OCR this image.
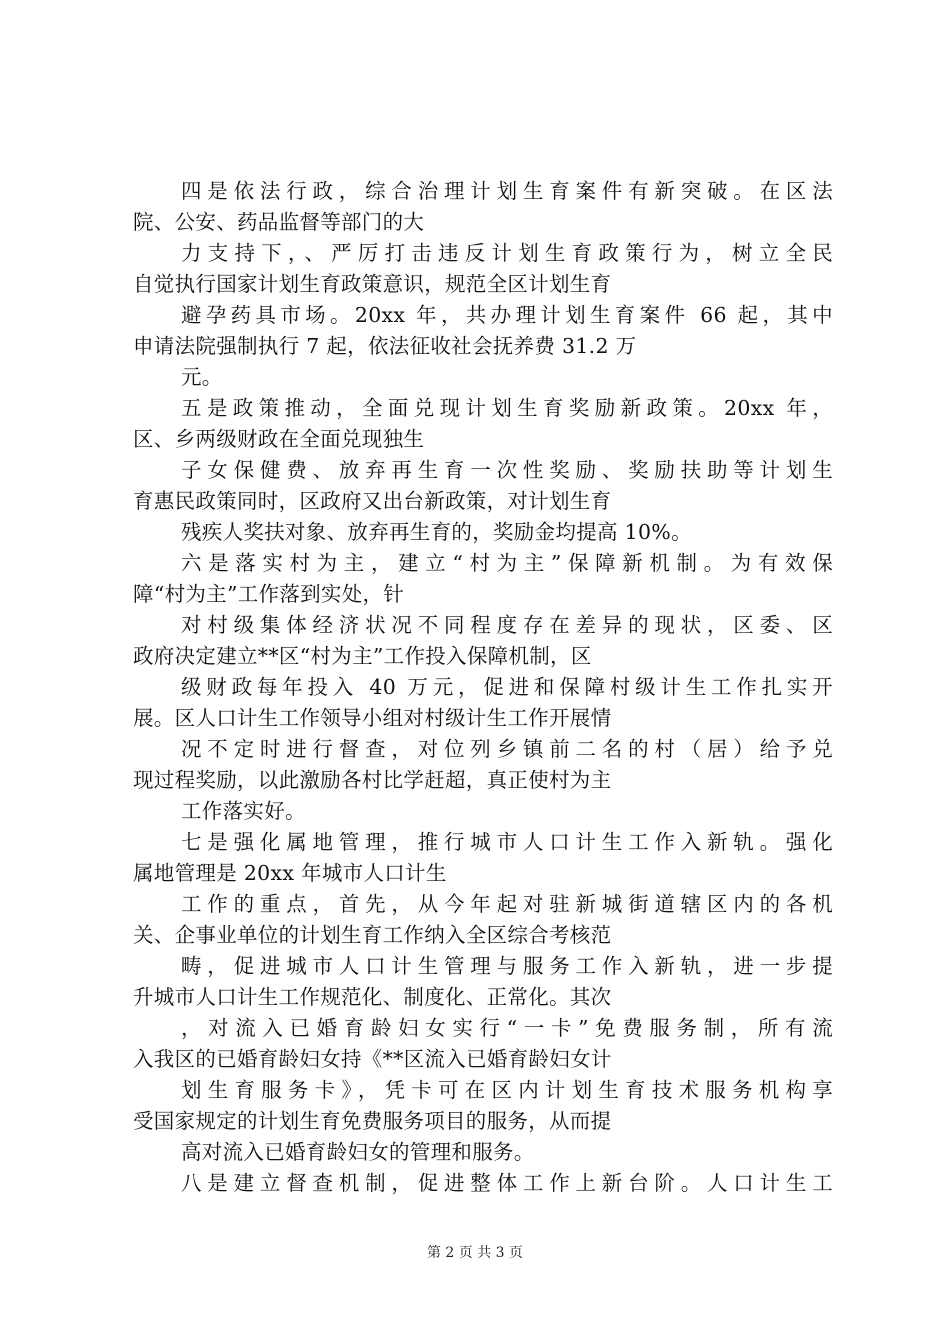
四是依法行政，综合治理计划生育案件有新突破。在区法
院、公安、药品监督等部门的大
力支持下，、严厉打击违反计划生育政策行为，树立全民
自觉执行国家计划生育政策意识，规范全区计划生育
避孕药具市场。20xx 年，共办理计划生育案件 66 起，其中
申请法院强制执行 7 起，依法征收社会抚养费 31.2 万
元。
五是政策推动，全面兑现计划生育奖励新政策。20xx 年，
区、乡两级财政在全面兑现独生
子女保健费、放弃再生育一次性奖励、奖励扶助等计划生
育惠民政策同时，区政府又出台新政策，对计划生育
残疾人奖扶对象、放弃再生育的，奖励金均提高 10%。
六是落实村为主，建立“村为主”保障新机制。为有效保
障“村为主”工作落到实处，针
对村级集体经济状况不同程度存在差异的现状，区委、区
政府决定建立**区“村为主”工作投入保障机制，区
级财政每年投入 40 万元，促进和保障村级计生工作扎实开
展。区人口计生工作领导小组对村级计生工作开展情
况不定时进行督查，对位列乡镇前二名的村（居）给予兑
现过程奖励，以此激励各村比学赶超，真正使村为主
工作落实好。
七是强化属地管理，推行城市人口计生工作入新轨。强化
属地管理是 20xx 年城市人口计生
工作的重点，首先，从今年起对驻新城街道辖区内的各机
关、企事业单位的计划生育工作纳入全区综合考核范
畴，促进城市人口计生管理与服务工作入新轨，进一步提
升城市人口计生工作规范化、制度化、正常化。其次
，对流入已婚育龄妇女实行“一卡”免费服务制，所有流
入我区的已婚育龄妇女持《**区流入已婚育龄妇女计
划生育服务卡》，凭卡可在区内计划生育技术服务机构享
受国家规定的计划生育免费服务项目的服务，从而提
高对流入已婚育龄妇女的管理和服务。
八是建立督查机制，促进整体工作上新台阶。人口计生工
第 2 页 共 3 页
